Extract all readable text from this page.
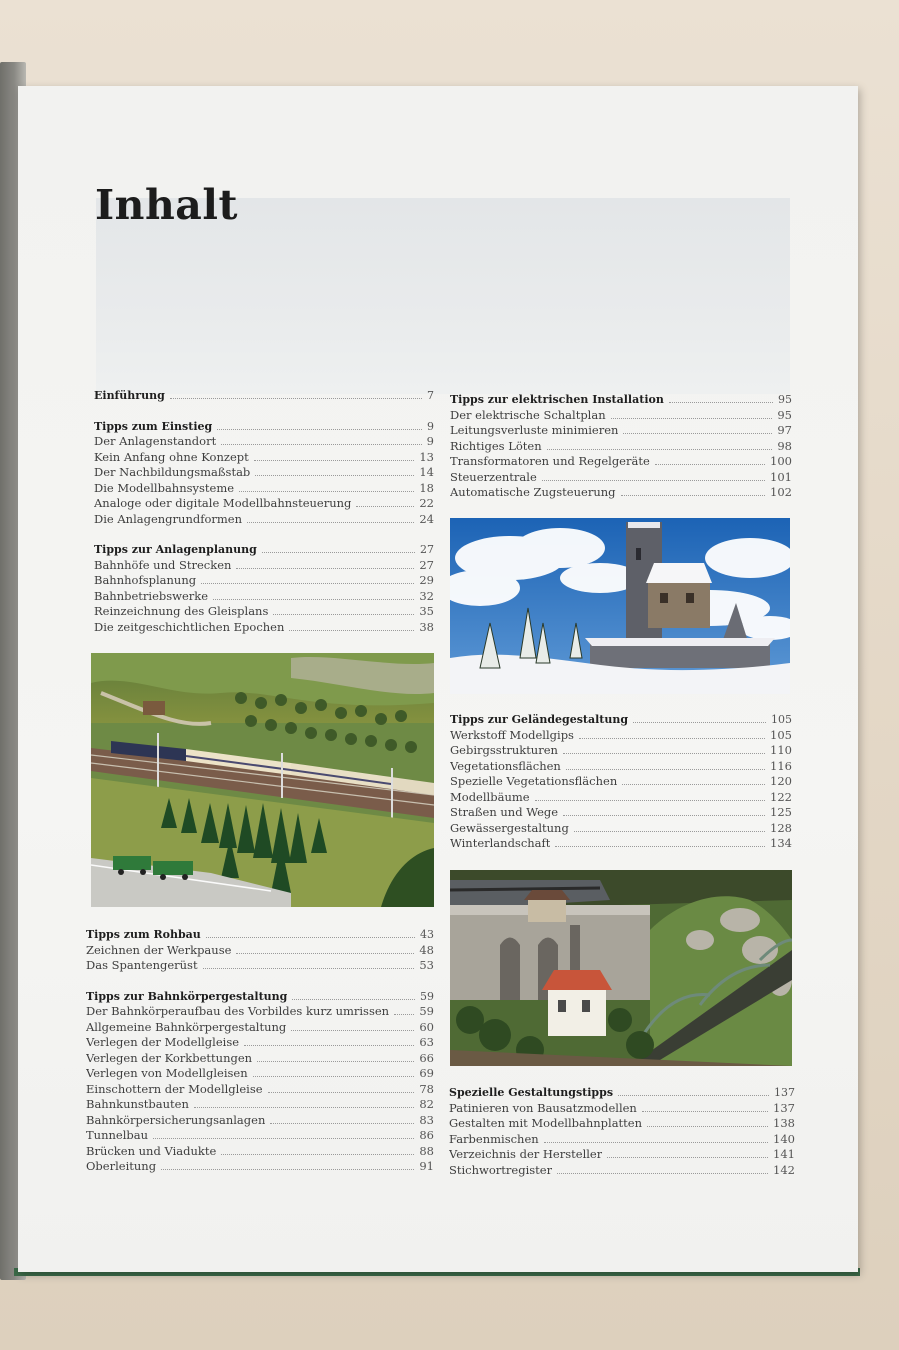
Inhalt
Einführung	7
Tipps zum Einstieg	9
Der Anlagenstandort	9
Kein Anfang ohne Konzept	13
Der Nachbildungsmaßstab	14
Die Modellbahnsysteme	18
Analoge oder digitale Modellbahnsteuerung	22
Die Anlagengrundformen	24
Tipps zur Anlagenplanung	27
Bahnhöfe und Strecken	27
Bahnhofsplanung	29
Bahnbetriebswerke	32
Reinzeichnung des Gleisplans	35
Die zeitgeschichtlichen Epochen	38
Tipps zum Rohbau	43
Zeichnen der Werkpause	48
Das Spantengerüst	53
Tipps zur Bahnkörpergestaltung	59
Der Bahnkörperaufbau des Vorbildes kurz umrissen	59
Allgemeine Bahnkörpergestaltung	60
Verlegen der Modellgleise	63
Verlegen der Korkbettungen	66
Verlegen von Modellgleisen	69
Einschottern der Modellgleise	78
Bahnkunstbauten	82
Bahnkörpersicherungsanlagen	83
Tunnelbau	86
Brücken und Viadukte	88
Oberleitung	91
Tipps zur elektrischen Installation	95
Der elektrische Schaltplan	95
Leitungsverluste minimieren	97
Richtiges Löten	98
Transformatoren und Regelgeräte	100
Steuerzentrale	101
Automatische Zugsteuerung	102
Tipps zur Geländegestaltung	105
Werkstoff Modellgips	105
Gebirgsstrukturen	110
Vegetationsflächen	116
Spezielle Vegetationsflächen	120
Modellbäume	122
Straßen und Wege	125
Gewässergestaltung	128
Winterlandschaft	134
Spezielle Gestaltungstipps	137
Patinieren von Bausatzmodellen	137
Gestalten mit Modellbahnplatten	138
Farbenmischen	140
Verzeichnis der Hersteller	141
Stichwortregister	142
